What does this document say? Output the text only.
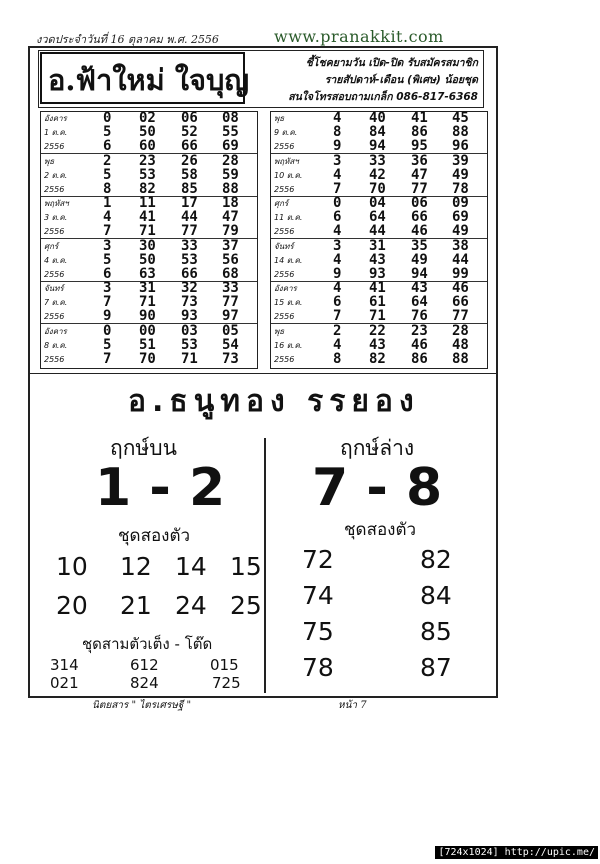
งวดประจำวันที่ 16 ตุลาคม พ.ศ. 2556	www.pranakkit.com
อ.ฟ้าใหม่ ใจบุญ	ชี้โชคยามวัน เปิด-ปิด รับสมัครสมาชิก
รายสัปดาห์-เดือน (พิเศษ) น้อยชุด
สนใจโทรสอบถามเกล็ก 086-817-6368
อังคาร	0 02 06 08
1 ต.ค.	5 50 52 55
2556	6 60 66 69
พุธ	2 23 26 28
2 ต.ค.	5 53 58 59
2556	8 82 85 88
พฤหัสฯ 1 11 17 18
3 ต.ค.	4 41 44 47
2556	7 71 77 79
ศุกร์	3 30 33 37
4 ต.ค.	5 50 53 56
2556	6 63 66 68
จันทร์	3 31 32 33
7 ต.ค.	7 71 73 77
2556	9 90 93 97
อังคาร	0 00 03 05
8 ต.ค.	5 51 53 54
2556	7 70 71 73
พุธ	4 40 41 45
9 ต.ค.	8 84 86 88
2556	9 94 95 96
พฤหัสฯ 3 33 36 39
10 ต.ค. 4 42 47 49
2556	7 70 77 78
ศุกร์	0 04 06 09
11 ต.ค. 6 64 66 69
2556	4 44 46 49
จันทร์	3 31 35 38
14 ต.ค. 4 43 49 44
2556	9 93 94 99
อังคาร	4 41 43 46
15 ต.ค. 6 61 64 66
2556	7 71 76 77
พุธ	2 22 23 28
16 ต.ค. 4 43 46 48
2556	8 82 86 88
อ.ธนูทอง รรยอง
ฤกษ์บน	ฤกษ์ล่าง
1 - 2 7 - 8
ชุดสองตัว	ชุดสองตัว
10 12 14 15
20 21 24 25
72	82
74	84
75	85
78	87
ชุดสามตัวเต็ง - โต๊ด
314	612	015
021	824	725
นิตยสาร " ไตรเศรษฐี "	หน้า 7
[724x1024] http://upic.me/
